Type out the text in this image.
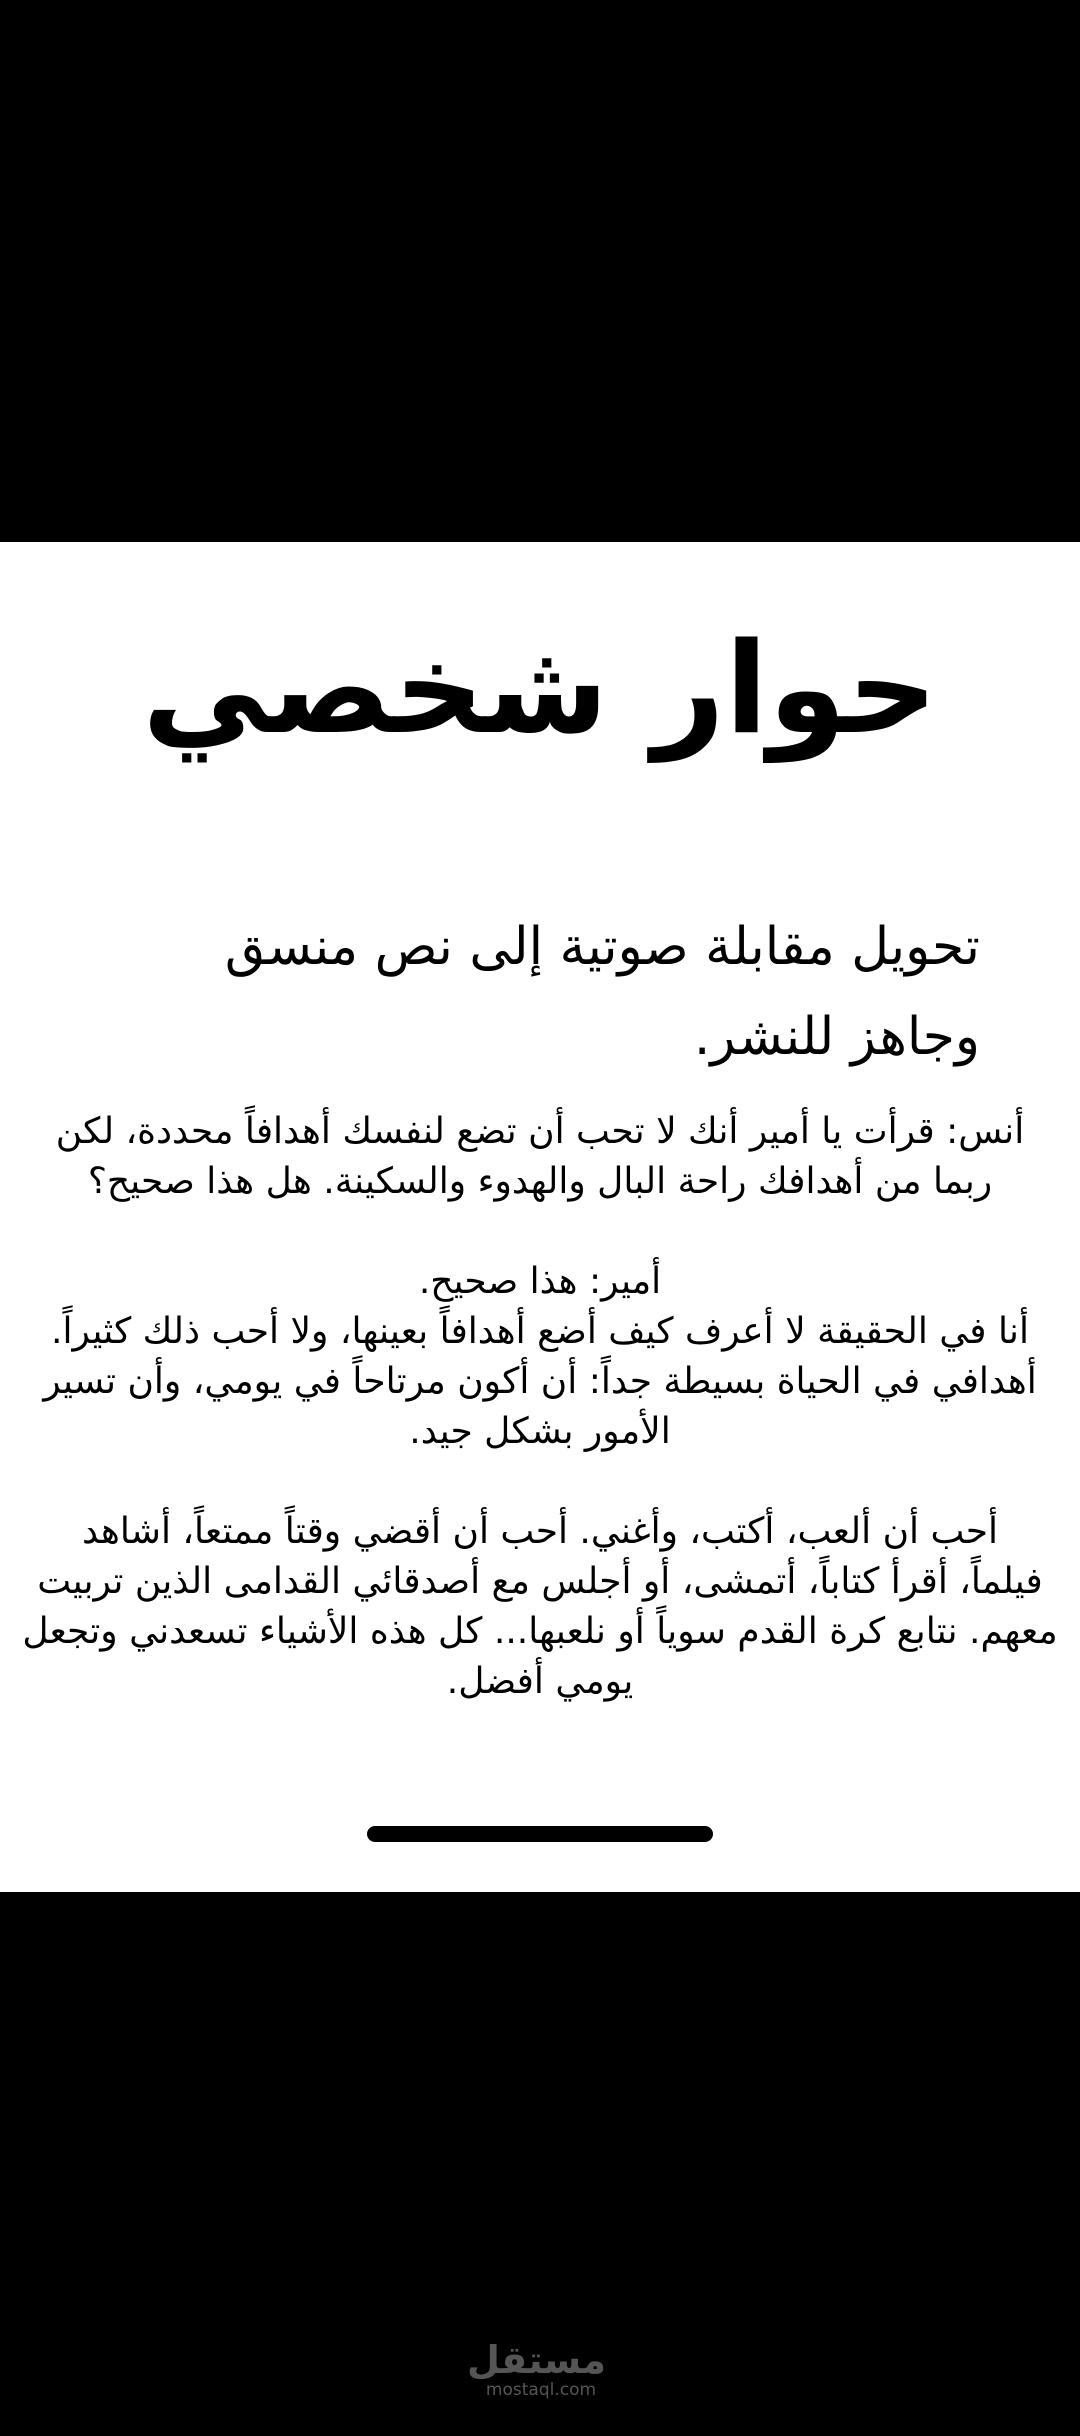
حوار شخصي
تحويل مقابلة صوتية إلى نص منسق
وجاهز للنشر.

أنس: قرأت يا أمير أنك لا تحب أن تضع لنفسك أهدافاً محددة، لكن
ربما من أهدافك راحة البال والهدوء والسكينة. هل هذا صحيح؟

أمير: هذا صحيح.
أنا في الحقيقة لا أعرف كيف أضع أهدافاً بعينها، ولا أحب ذلك كثيراً.
أهدافي في الحياة بسيطة جداً: أن أكون مرتاحاً في يومي، وأن تسير
الأمور بشكل جيد.

أحب أن ألعب، أكتب، وأغني. أحب أن أقضي وقتاً ممتعاً، أشاهد
فيلماً، أقرأ كتاباً، أتمشى، أو أجلس مع أصدقائي القدامى الذين تربيت
معهم. نتابع كرة القدم سوياً أو نلعبها... كل هذه الأشياء تسعدني وتجعل
يومي أفضل.

مستقل
mostaql.com
